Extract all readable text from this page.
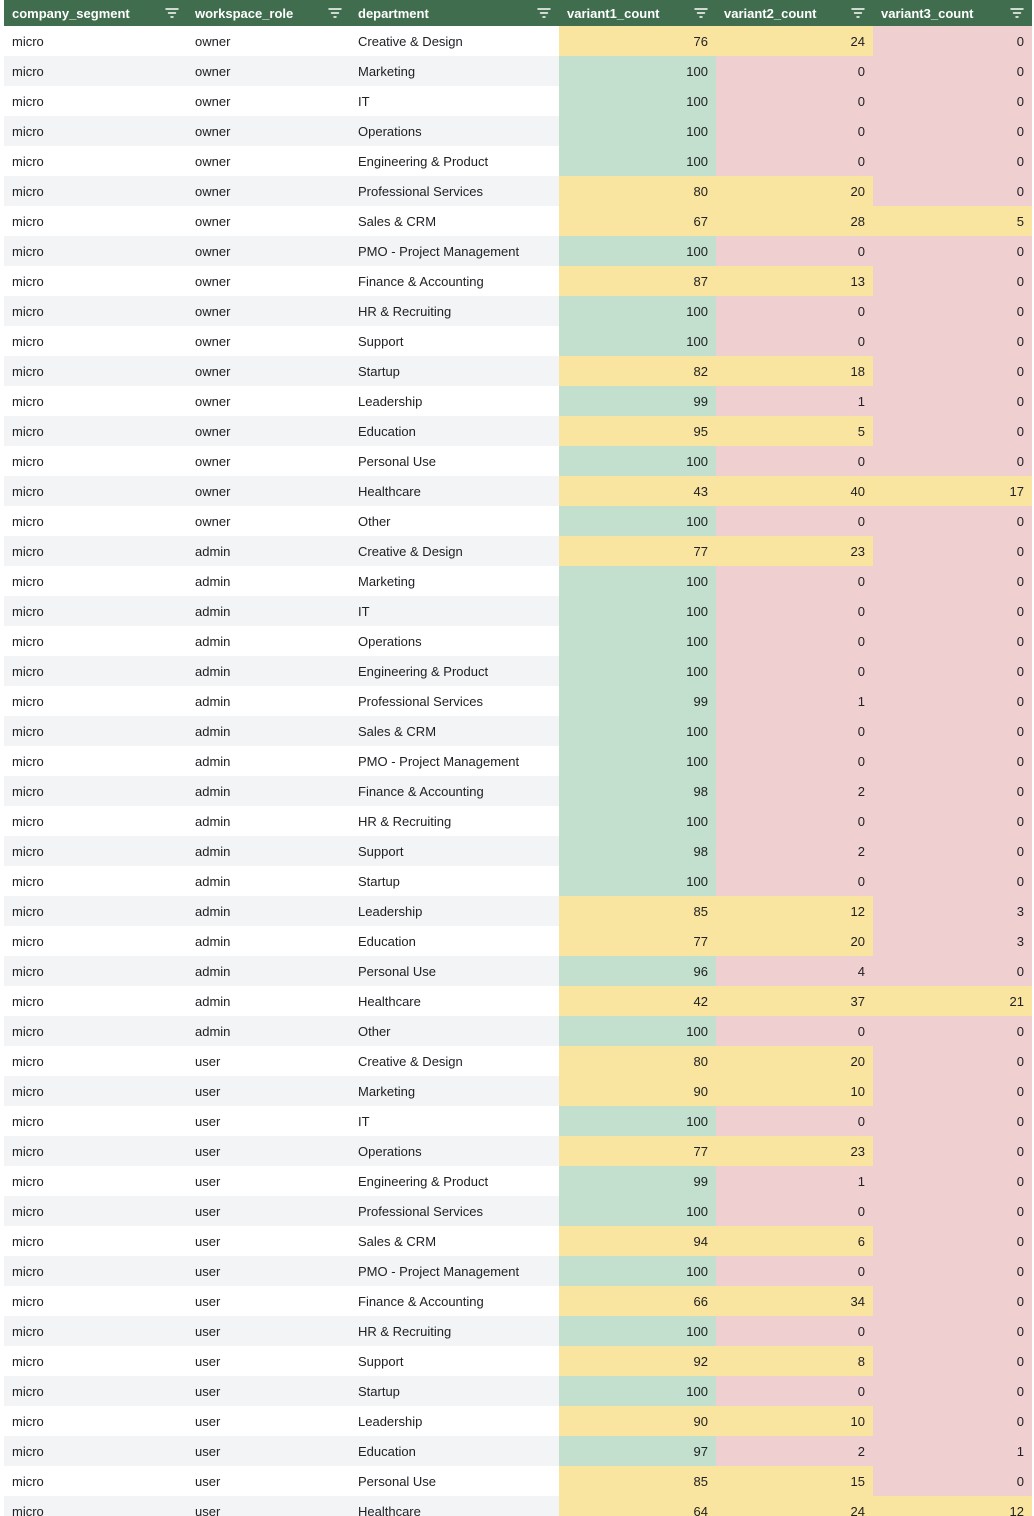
company_segment	workspace_role	department	variant1_count	variant2_count	variant3_count

micro	owner	Creative & Design	76	24	0
micro	owner	Marketing	100	0	0
micro	owner	IT	100	0	0
micro	owner	Operations	100	0	0
micro	owner	Engineering & Product	100	0	0
micro	owner	Professional Services	80	20	0
micro	owner	Sales & CRM	67	28	5
micro	owner	PMO - Project Management	100	0	0
micro	owner	Finance & Accounting	87	13	0
micro	owner	HR & Recruiting	100	0	0
micro	owner	Support	100	0	0
micro	owner	Startup	82	18	0
micro	owner	Leadership	99	1	0
micro	owner	Education	95	5	0
micro	owner	Personal Use	100	0	0
micro	owner	Healthcare	43	40	17
micro	owner	Other	100	0	0
micro	admin	Creative & Design	77	23	0
micro	admin	Marketing	100	0	0
micro	admin	IT	100	0	0
micro	admin	Operations	100	0	0
micro	admin	Engineering & Product	100	0	0
micro	admin	Professional Services	99	1	0
micro	admin	Sales & CRM	100	0	0
micro	admin	PMO - Project Management	100	0	0
micro	admin	Finance & Accounting	98	2	0
micro	admin	HR & Recruiting	100	0	0
micro	admin	Support	98	2	0
micro	admin	Startup	100	0	0
micro	admin	Leadership	85	12	3
micro	admin	Education	77	20	3
micro	admin	Personal Use	96	4	0
micro	admin	Healthcare	42	37	21
micro	admin	Other	100	0	0
micro	user	Creative & Design	80	20	0
micro	user	Marketing	90	10	0
micro	user	IT	100	0	0
micro	user	Operations	77	23	0
micro	user	Engineering & Product	99	1	0
micro	user	Professional Services	100	0	0
micro	user	Sales & CRM	94	6	0
micro	user	PMO - Project Management	100	0	0
micro	user	Finance & Accounting	66	34	0
micro	user	HR & Recruiting	100	0	0
micro	user	Support	92	8	0
micro	user	Startup	100	0	0
micro	user	Leadership	90	10	0
micro	user	Education	97	2	1
micro	user	Personal Use	85	15	0
micro	user	Healthcare	64	24	12
